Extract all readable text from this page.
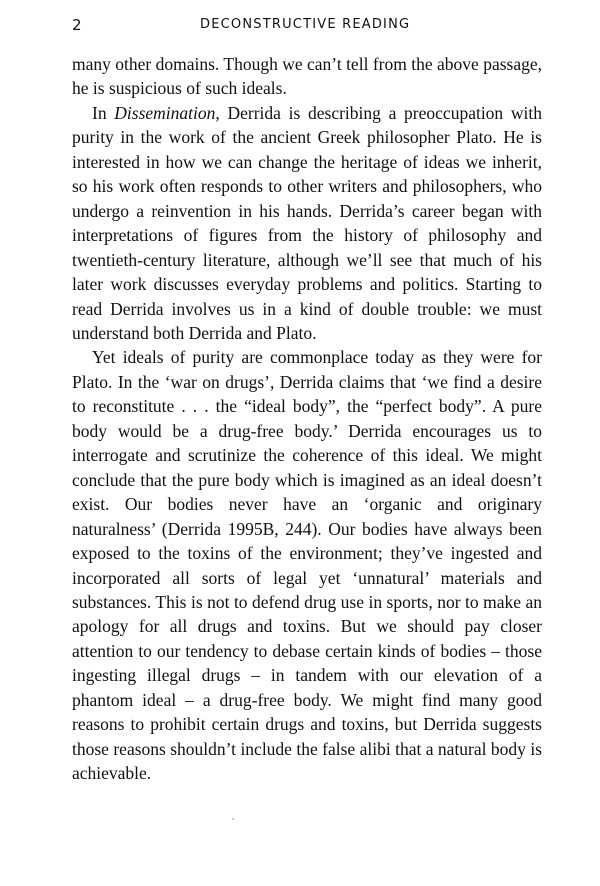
2	DECONSTRUCTIVE READING

many other domains. Though we can’t tell from the above passage, he is suspicious of such ideals.

In Dissemination, Derrida is describing a preoccupation with purity in the work of the ancient Greek philosopher Plato. He is interested in how we can change the heritage of ideas we inherit, so his work often responds to other writers and philosophers, who undergo a reinvention in his hands. Derrida’s career began with interpretations of figures from the history of philosophy and twentieth-century literature, although we’ll see that much of his later work discusses everyday problems and politics. Starting to read Derrida involves us in a kind of double trouble: we must understand both Derrida and Plato.

Yet ideals of purity are commonplace today as they were for Plato. In the ‘war on drugs’, Derrida claims that ‘we find a desire to reconstitute . . . the “ideal body”, the “perfect body”. A pure body would be a drug-free body.’ Derrida encourages us to interrogate and scrutinize the coherence of this ideal. We might conclude that the pure body which is imagined as an ideal doesn’t exist. Our bodies never have an ‘organic and originary naturalness’ (Derrida 1995B, 244). Our bodies have always been exposed to the toxins of the environment; they’ve ingested and incorporated all sorts of legal yet ‘unnatural’ materials and substances. This is not to defend drug use in sports, nor to make an apology for all drugs and toxins. But we should pay closer attention to our tendency to debase certain kinds of bodies – those ingesting illegal drugs – in tandem with our elevation of a phantom ideal – a drug-free body. We might find many good reasons to prohibit certain drugs and toxins, but Derrida suggests those reasons shouldn’t include the false alibi that a natural body is achievable.
